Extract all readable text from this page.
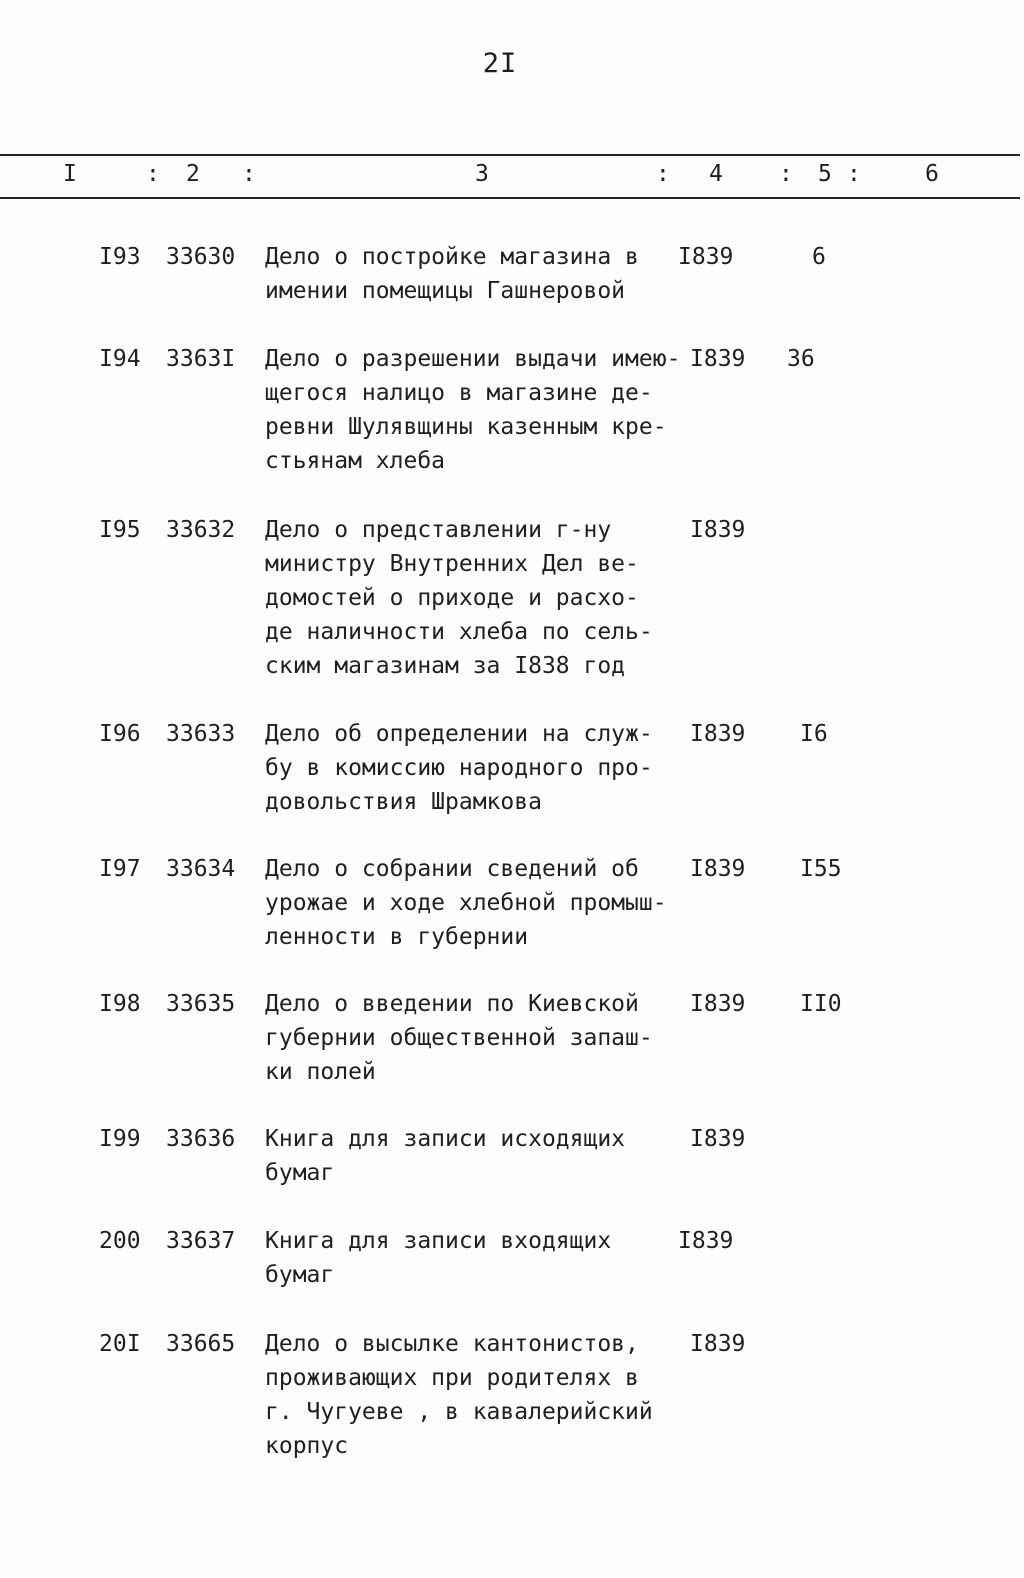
2I
I	: 2 :	3	: 4 : 5 :	6
I93 33630 Дело о постройке магазина в
имении помещицы Гашнеровой
I839	6
I94 3363I Дело о разрешении выдачи имею-
щегося налицо в магазине де-
ревни Шулявщины казенным кре-
стьянам хлеба
I839 36
I95 33632 Дело о представлении г-ну
министру Внутренних Дел ве-
домостей о приходе и расхо-
де наличности хлеба по сель-
ским магазинам за I838 год
I839
I96 33633 Дело об определении на служ-
бу в комиссию народного про-
довольствия Шрамкова
I839 I6
I97 33634 Дело о собрании сведений об
урожае и ходе хлебной промыш-
ленности в губернии
I839 I55
I98 33635 Дело о введении по Киевской
губернии общественной запаш-
ки полей
I839 II0
I99 33636 Книга для записи исходящих
бумаг
I839
200 33637 Книга для записи входящих
бумаг
I839
20I 33665 Дело о высылке кантонистов,
проживающих при родителях в
г. Чугуеве , в кавалерийский
корпус
I839
